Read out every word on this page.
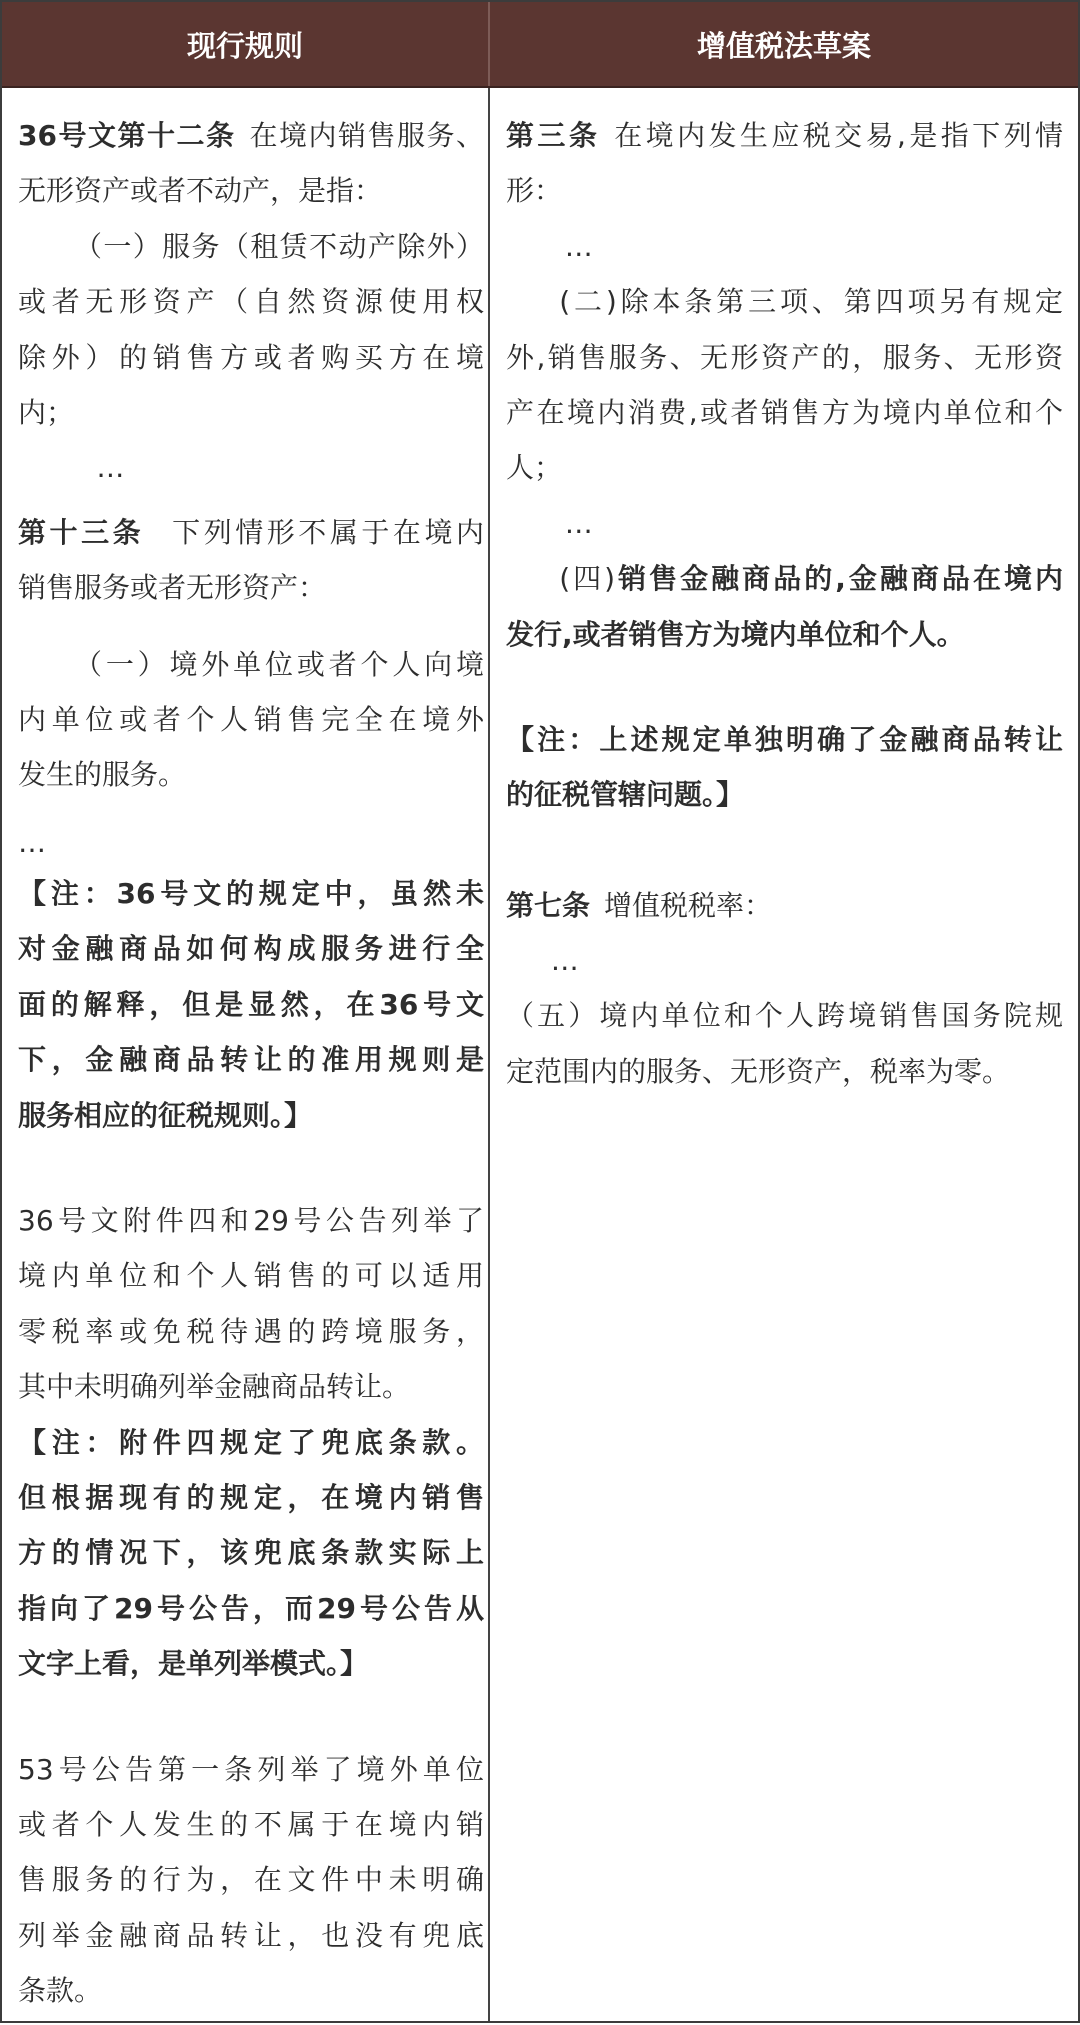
现行规则	增值税法草案
36号文第十二条 在境内销售服务、
无形资产或者不动产，是指：
（一）服务（租赁不动产除外）
或者无形资产（自然资源使用权
除外）的销售方或者购买方在境
内；
…
第十三条 下列情形不属于在境内
销售服务或者无形资产：
（一）境外单位或者个人向境
内单位或者个人销售完全在境外
发生的服务。
…
【注：36号文的规定中，虽然未
对金融商品如何构成服务进行全
面的解释，但是显然，在36号文
下，金融商品转让的准用规则是
服务相应的征税规则。】
36号文附件四和29号公告列举了
境内单位和个人销售的可以适用
零税率或免税待遇的跨境服务，
其中未明确列举金融商品转让。
【注：附件四规定了兜底条款。
但根据现有的规定，在境内销售
方的情况下，该兜底条款实际上
指向了29号公告，而29号公告从
文字上看，是单列举模式。】
53号公告第一条列举了境外单位
或者个人发生的不属于在境内销
售服务的行为，在文件中未明确
列举金融商品转让，也没有兜底
条款。
第三条 在境内发生应税交易,是指下列情
形：
…
(二)除本条第三项、第四项另有规定
外,销售服务、无形资产的，服务、无形资
产在境内消费,或者销售方为境内单位和个
人；
…
(四)销售金融商品的,金融商品在境内
发行,或者销售方为境内单位和个人。
【注：上述规定单独明确了金融商品转让
的征税管辖问题。】
第七条 增值税税率：
…
（五）境内单位和个人跨境销售国务院规
定范围内的服务、无形资产，税率为零。
